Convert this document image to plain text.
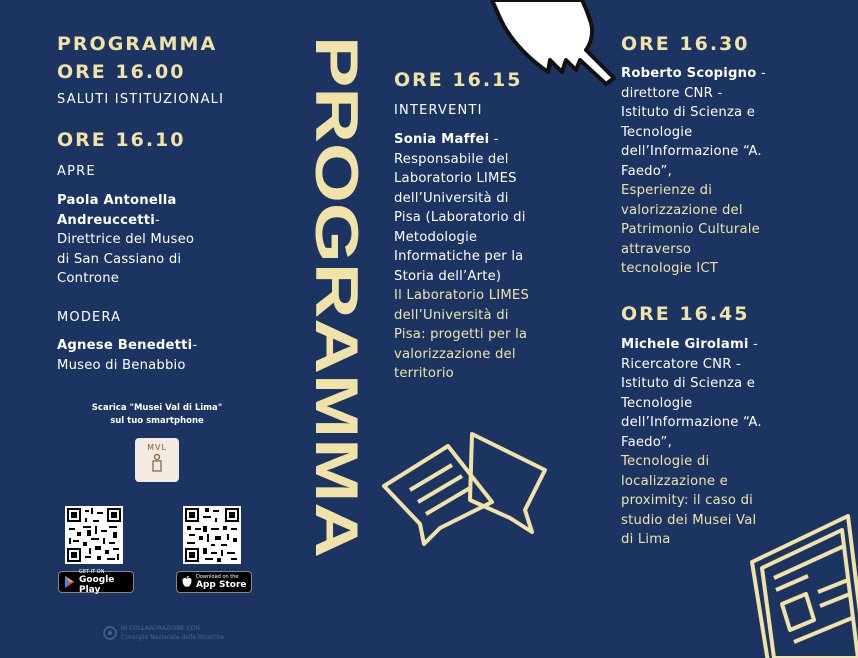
PROGRAMMA
ORE 16.00
SALUTI ISTITUZIONALI
ORE 16.10
APRE
Paola Antonella
Andreuccetti-
Direttrice del Museo
di San Cassiano di
Controne
MODERA
Agnese Benedetti-
Museo di Benabbio
Scarica "Musei Val di Lima"
sul tuo smartphone
MVL
GET IT ON
Google Play
Download on the
App Store
IN COLLABORAZIONE CON
Consiglio Nazionale delle Ricerche
PROGRAMMA ORE 16.15
INTERVENTI
Sonia Maffei -
Responsabile del
Laboratorio LIMES
dell’Università di
Pisa (Laboratorio di
Metodologie
Informatiche per la
Storia dell’Arte)
Il Laboratorio LIMES
dell’Università di
Pisa: progetti per la
valorizzazione del
territorio
ORE 16.30
Roberto Scopigno -
direttore CNR -
Istituto di Scienza e
Tecnologie
dell’Informazione “A.
Faedo”,
Esperienze di
valorizzazione del
Patrimonio Culturale
attraverso
tecnologie ICT
ORE 16.45
Michele Girolami -
Ricercatore CNR -
Istituto di Scienza e
Tecnologie
dell’Informazione “A.
Faedo”,
Tecnologie di
localizzazione e
proximity: il caso di
studio dei Musei Val
di Lima
